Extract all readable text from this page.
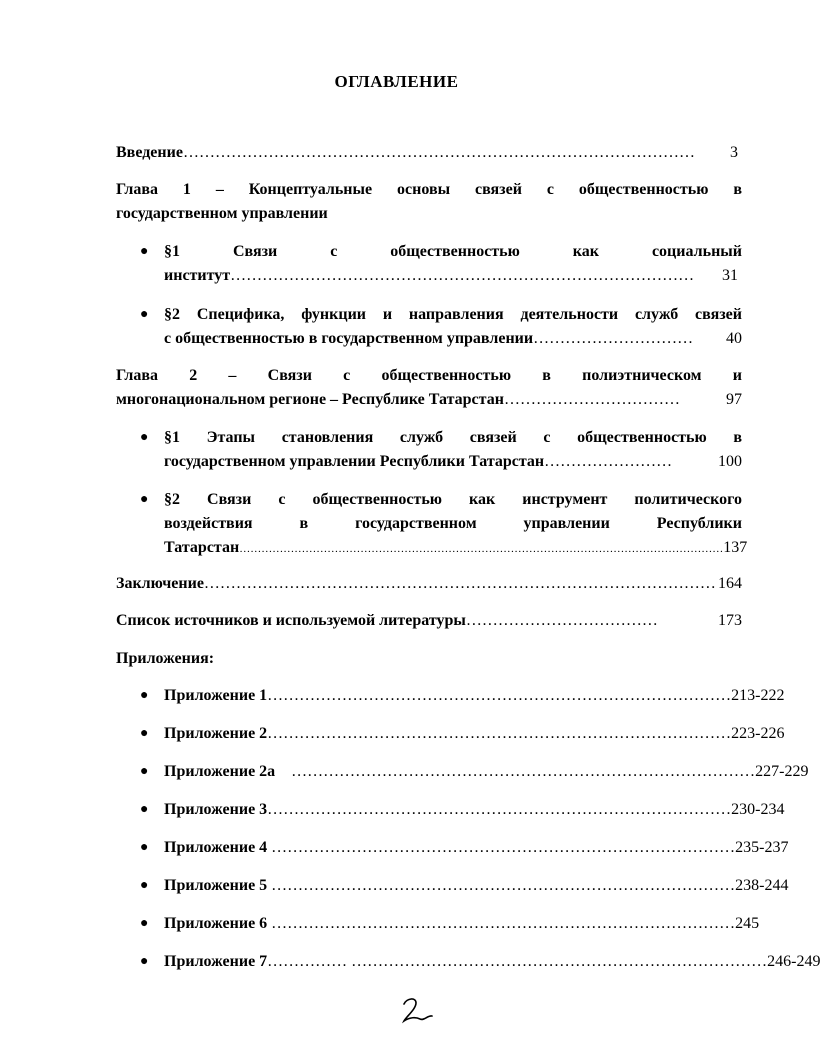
ОГЛАВЛЕНИЕ
Введение ……………………………………………………………………………………	3
Глава 1 – Концептуальные основы связей с общественностью в
государственном управлении
● §1 Связи с общественностью как социальный
институт ……………………………………………………………………………	31
● §2 Специфика, функции и направления деятельности служб связей
с общественностью в государственном управлении …………………………	40
Глава 2 – Связи с общественностью в полиэтническом и
многонациональном регионе – Республике Татарстан ……………………………	97
● §1 Этапы становления служб связей с общественностью в
государственном управлении Республики Татарстан ……………………	100
● §2 Связи с общественностью как инструмент политического
воздействия в государственном управлении Республики
Татарстан …………………………………………………………………………………………………………………… 137
Заключение …………………………………………………………………………………… 164
Список источников и используемой литературы ………………………………	173
Приложения:
● Приложение 1 …………………………………………………………………………… 213-222
● Приложение 2 …………………………………………………………………………… 223-226
● Приложение 2а …………………………………………………………………………… 227-229
● Приложение 3 …………………………………………………………………………… 230-234
● Приложение 4 …………………………………………………………………………… 235-237
● Приложение 5 …………………………………………………………………………… 238-244
● Приложение 6 …………………………………………………………………………… 245
● Приложение 7 …………… …………………………………………………………………… 246-249
